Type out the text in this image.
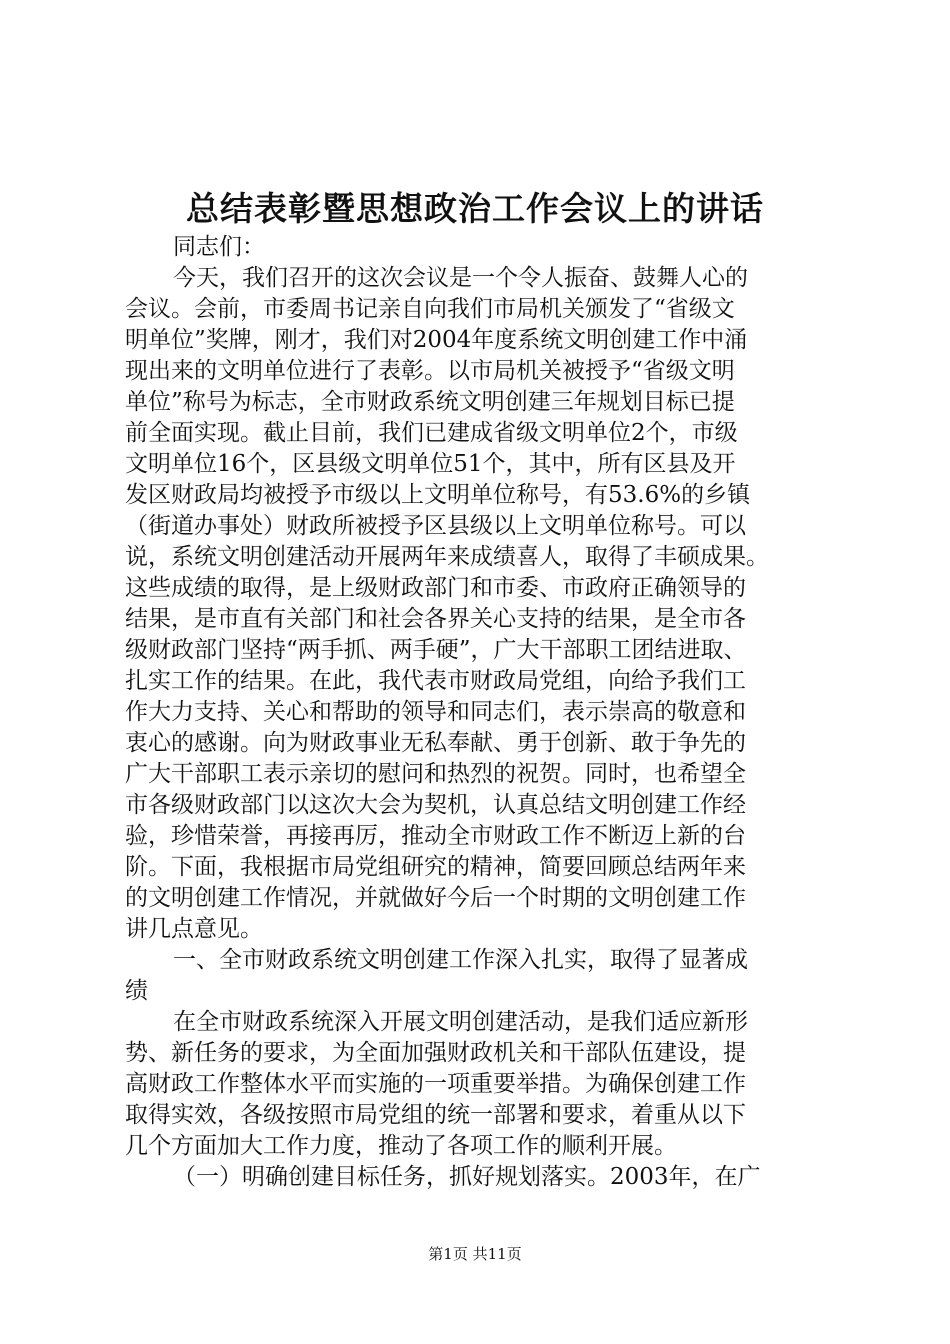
总结表彰暨思想政治工作会议上的讲话
同志们：
今天，我们召开的这次会议是一个令人振奋、鼓舞人心的
会议。会前，市委周书记亲自向我们市局机关颁发了“省级文
明单位”奖牌，刚才，我们对2004年度系统文明创建工作中涌
现出来的文明单位进行了表彰。以市局机关被授予“省级文明
单位”称号为标志，全市财政系统文明创建三年规划目标已提
前全面实现。截止目前，我们已建成省级文明单位2个，市级
文明单位16个，区县级文明单位51个，其中，所有区县及开
发区财政局均被授予市级以上文明单位称号，有53.6%的乡镇
（街道办事处）财政所被授予区县级以上文明单位称号。可以
说，系统文明创建活动开展两年来成绩喜人，取得了丰硕成果。
这些成绩的取得，是上级财政部门和市委、市政府正确领导的
结果，是市直有关部门和社会各界关心支持的结果，是全市各
级财政部门坚持“两手抓、两手硬”，广大干部职工团结进取、
扎实工作的结果。在此，我代表市财政局党组，向给予我们工
作大力支持、关心和帮助的领导和同志们，表示崇高的敬意和
衷心的感谢。向为财政事业无私奉献、勇于创新、敢于争先的
广大干部职工表示亲切的慰问和热烈的祝贺。同时，也希望全
市各级财政部门以这次大会为契机，认真总结文明创建工作经
验，珍惜荣誉，再接再厉，推动全市财政工作不断迈上新的台
阶。下面，我根据市局党组研究的精神，简要回顾总结两年来
的文明创建工作情况，并就做好今后一个时期的文明创建工作
讲几点意见。
一、全市财政系统文明创建工作深入扎实，取得了显著成
绩
在全市财政系统深入开展文明创建活动，是我们适应新形
势、新任务的要求，为全面加强财政机关和干部队伍建设，提
高财政工作整体水平而实施的一项重要举措。为确保创建工作
取得实效，各级按照市局党组的统一部署和要求，着重从以下
几个方面加大工作力度，推动了各项工作的顺利开展。
（一）明确创建目标任务，抓好规划落实。2003年，在广
第1页 共11页
